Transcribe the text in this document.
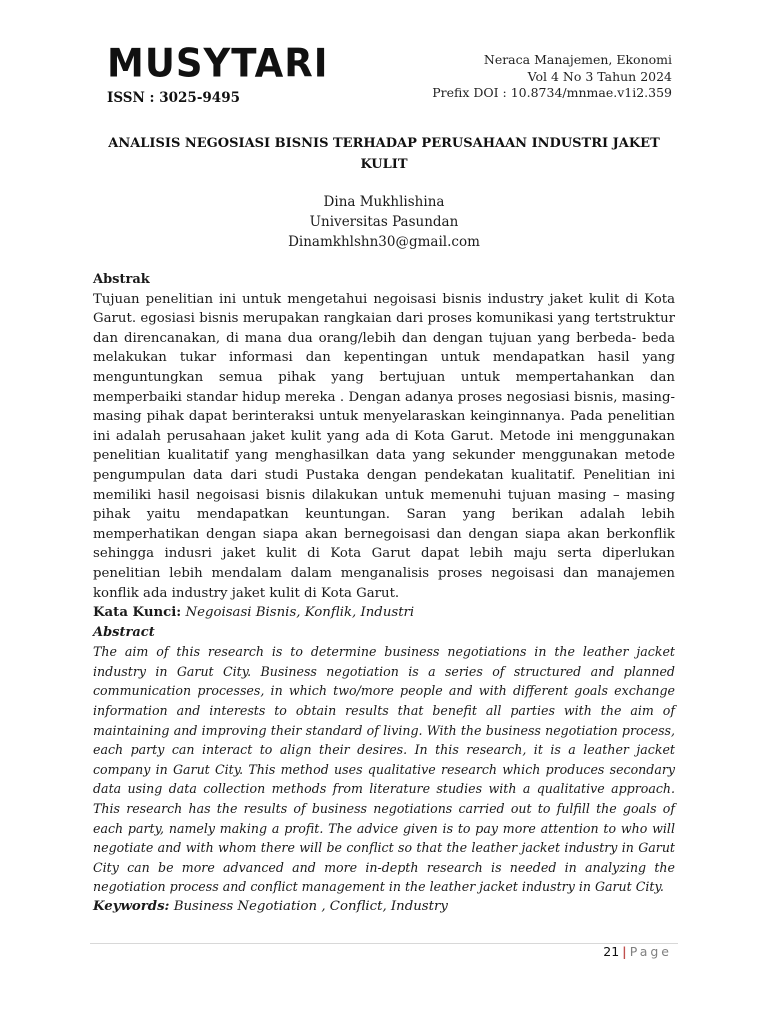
MUSYTARI
ISSN : 3025-9495
Neraca Manajemen, Ekonomi
Vol 4 No 3 Tahun 2024
Prefix DOI : 10.8734/mnmae.v1i2.359
ANALISIS NEGOSIASI BISNIS TERHADAP PERUSAHAAN INDUSTRI JAKET
KULIT
Dina Mukhlishina
Universitas Pasundan
Dinamkhlshn30@gmail.com

Abstrak

Tujuan penelitian ini untuk mengetahui negoisasi bisnis industry jaket kulit di Kota Garut. egosiasi bisnis merupakan rangkaian dari proses komunikasi yang tertstruktur dan direncanakan, di mana dua orang/lebih dan dengan tujuan yang berbeda- beda melakukan tukar informasi dan kepentingan untuk mendapatkan hasil yang menguntungkan semua pihak yang bertujuan untuk mempertahankan dan memperbaiki standar hidup mereka . Dengan adanya proses negosiasi bisnis, masing-masing pihak dapat berinteraksi untuk menyelaraskan keinginnanya. Pada penelitian ini adalah perusahaan jaket kulit yang ada di Kota Garut. Metode ini menggunakan penelitian kualitatif yang menghasilkan data yang sekunder menggunakan metode pengumpulan data dari studi Pustaka dengan pendekatan kualitatif. Penelitian ini memiliki hasil negoisasi bisnis dilakukan untuk memenuhi tujuan masing – masing pihak yaitu mendapatkan keuntungan. Saran yang berikan adalah lebih memperhatikan dengan siapa akan bernegoisasi dan dengan siapa akan berkonflik sehingga indusri jaket kulit di Kota Garut dapat lebih maju serta diperlukan penelitian lebih mendalam dalam menganalisis proses negoisasi dan manajemen konflik ada industry jaket kulit di Kota Garut.

Kata Kunci: Negoisasi Bisnis, Konflik, Industri

Abstract

The aim of this research is to determine business negotiations in the leather jacket industry in Garut City. Business negotiation is a series of structured and planned communication processes, in which two/more people and with different goals exchange information and interests to obtain results that benefit all parties with the aim of maintaining and improving their standard of living. With the business negotiation process, each party can interact to align their desires. In this research, it is a leather jacket company in Garut City. This method uses qualitative research which produces secondary data using data collection methods from literature studies with a qualitative approach. This research has the results of business negotiations carried out to fulfill the goals of each party, namely making a profit. The advice given is to pay more attention to who will negotiate and with whom there will be conflict so that the leather jacket industry in Garut City can be more advanced and more in-depth research is needed in analyzing the negotiation process and conflict management in the leather jacket industry in Garut City.

Keywords: Business Negotiation , Conflict, Industry

21 | Page
